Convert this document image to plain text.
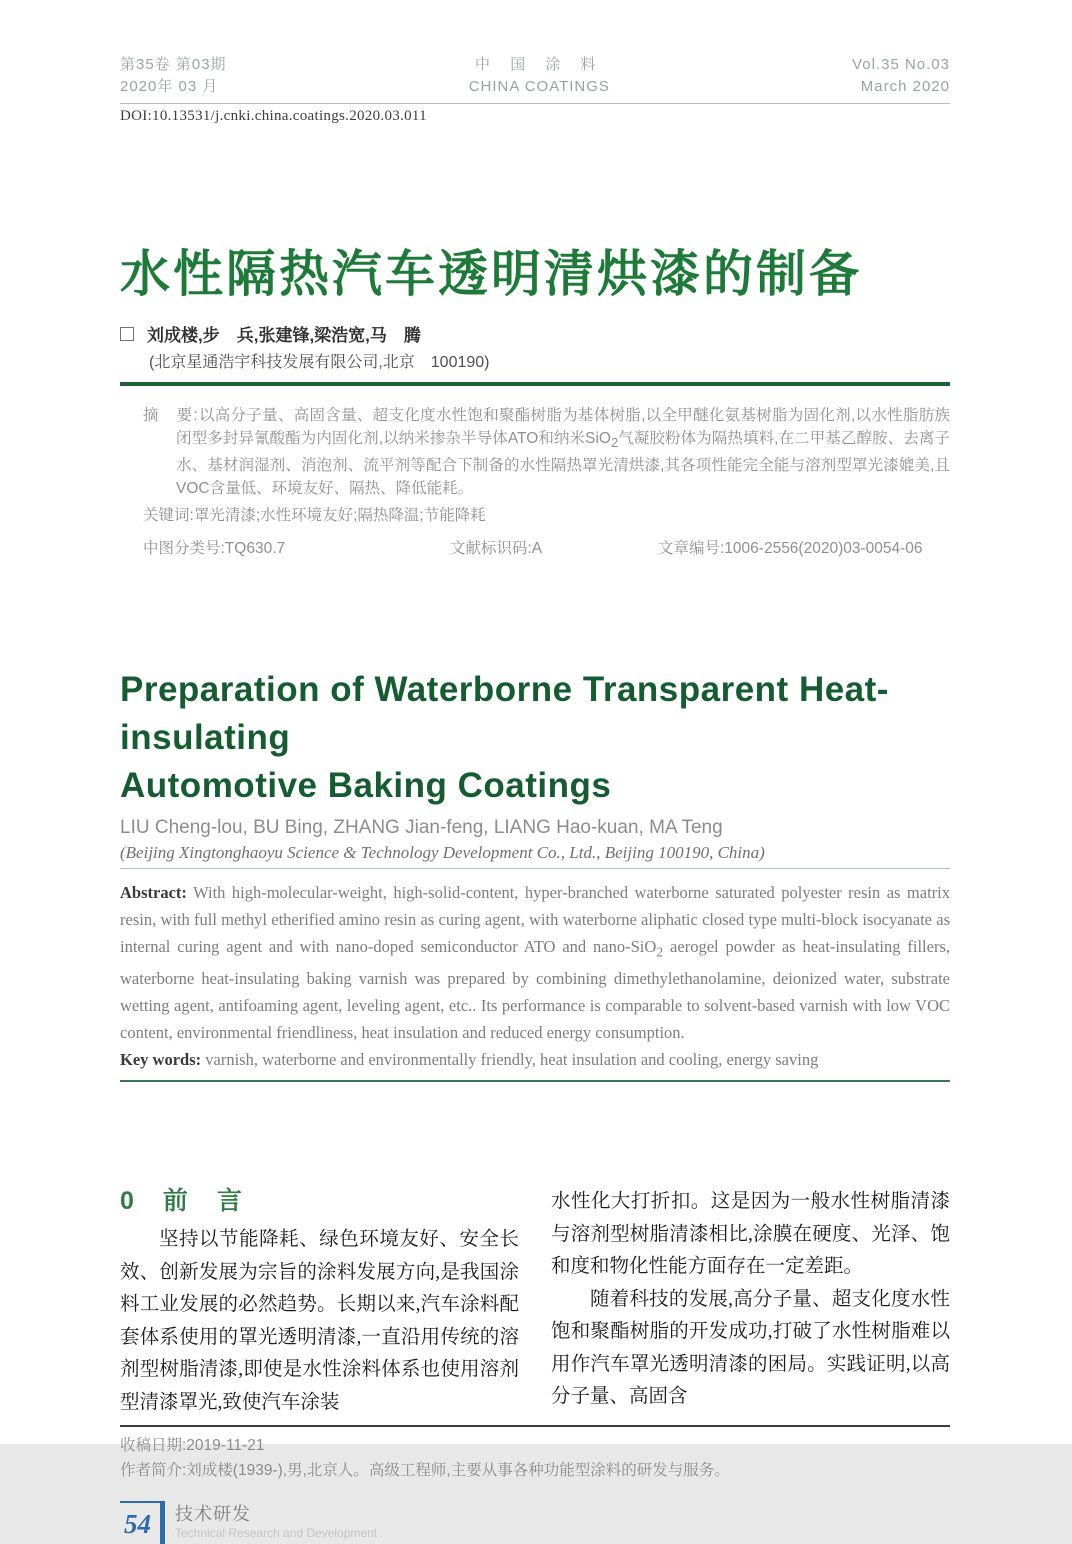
第35卷 第03期
2020年 03 月
中 国 涂 料
CHINA COATINGS
Vol.35 No.03
March 2020
DOI:10.13531/j.cnki.china.coatings.2020.03.011
水性隔热汽车透明清烘漆的制备
刘成楼,步　兵,张建锋,梁浩宽,马　腾
(北京星通浩宇科技发展有限公司,北京　100190)

摘　要:以高分子量、高固含量、超支化度水性饱和聚酯树脂为基体树脂,以全甲醚化氨基树脂为固化剂,以水性脂肪族闭型多封异氰酸酯为内固化剂,以纳米掺杂半导体ATO和纳米SiO$_2$气凝胶粉体为隔热填料,在二甲基乙醇胺、去离子水、基材润湿剂、消泡剂、流平剂等配合下制备的水性隔热罩光清烘漆,其各项性能完全能与溶剂型罩光漆媲美,且VOC含量低、环境友好、隔热、降低能耗。

关键词:罩光清漆;水性环境友好;隔热降温;节能降耗

中图分类号:TQ630.7	文献标识码:A	文章编号:1006-2556(2020)03-0054-06
Preparation of Waterborne Transparent Heat-insulating
Automotive Baking Coatings
LIU Cheng-lou, BU Bing, ZHANG Jian-feng, LIANG Hao-kuan, MA Teng
(Beijing Xingtonghaoyu Science & Technology Development Co., Ltd., Beijing 100190, China)

Abstract: With high-molecular-weight, high-solid-content, hyper-branched waterborne saturated polyester resin as matrix resin, with full methyl etherified amino resin as curing agent, with waterborne aliphatic closed type multi-block isocyanate as internal curing agent and with nano-doped semiconductor ATO and nano-SiO$_2$ aerogel powder as heat-insulating fillers, waterborne heat-insulating baking varnish was prepared by combining dimethylethanolamine, deionized water, substrate wetting agent, antifoaming agent, leveling agent, etc.. Its performance is comparable to solvent-based varnish with low VOC content, environmental friendliness, heat insulation and reduced energy consumption.

Key words: varnish, waterborne and environmentally friendly, heat insulation and cooling, energy saving

0　前　言

坚持以节能降耗、绿色环境友好、安全长效、创新发展为宗旨的涂料发展方向,是我国涂料工业发展的必然趋势。长期以来,汽车涂料配套体系使用的罩光透明清漆,一直沿用传统的溶剂型树脂清漆,即使是水性涂料体系也使用溶剂型清漆罩光,致使汽车涂装

水性化大打折扣。这是因为一般水性树脂清漆与溶剂型树脂清漆相比,涂膜在硬度、光泽、饱和度和物化性能方面存在一定差距。

随着科技的发展,高分子量、超支化度水性饱和聚酯树脂的开发成功,打破了水性树脂难以用作汽车罩光透明清漆的困局。实践证明,以高分子量、高固含

收稿日期:2019-11-21
作者简介:刘成楼(1939-),男,北京人。高级工程师,主要从事各种功能型涂料的研发与服务。
54	技术研发
Technical Research and Development
